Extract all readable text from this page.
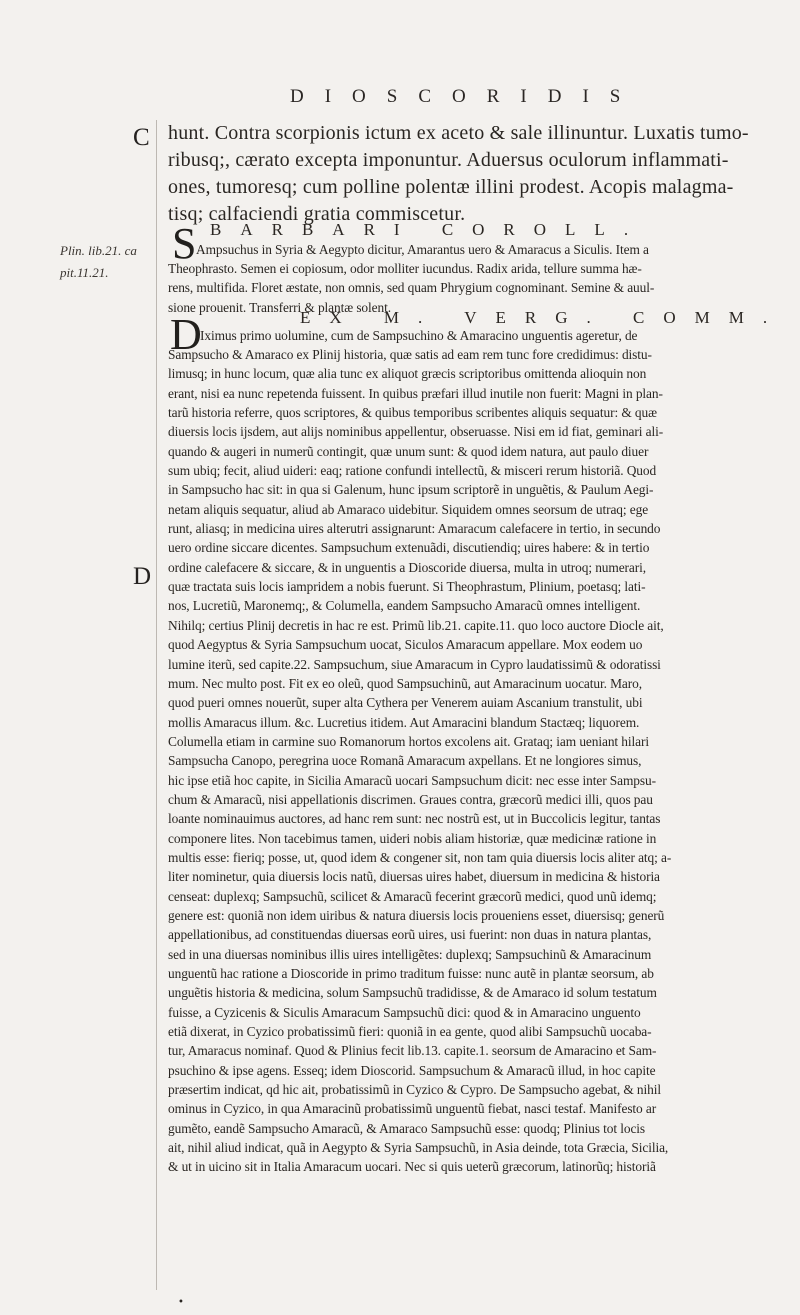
DIOSCORIDIS
C
D
Plin. lib.21. ca
pit.11.21.
hunt. Contra scorpionis ictum ex aceto & sale illinuntur. Luxatis tumo-
ribusq;, cærato excepta imponuntur. Aduersus oculorum inflammati-
ones, tumoresq; cum polline polentæ illini prodest. Acopis malagma-
tisq; calfaciendi gratia commiscetur.
S BARBARI COROLL.
Ampsuchus in Syria & Aegypto dicitur, Amarantus uero & Amaracus a Siculis. Item a
Theophrasto. Semen ei copiosum, odor molliter iucundus. Radix arida, tellure summa hæ-
rens, multifida. Floret æstate, non omnis, sed quam Phrygium cognominant. Semine & auul-
sione prouenit. Transferri & plantæ solent.
D	EX M. VERG. COMM.
Iximus primo uolumine, cum de Sampsuchino & Amaracino unguentis ageretur, de
Sampsucho & Amaraco ex Plinij historia, quæ satis ad eam rem tunc fore credidimus: distu-
limusq; in hunc locum, quæ alia tunc ex aliquot græcis scriptoribus omittenda alioquin non
erant, nisi ea nunc repetenda fuissent. In quibus præfari illud inutile non fuerit: Magni in plan-
tarũ historia referre, quos scriptores, & quibus temporibus scribentes aliquis sequatur: & quæ
diuersis locis ijsdem, aut alijs nominibus appellentur, obseruasse. Nisi em id fiat, geminari ali-
quando & augeri in numerũ contingit, quæ unum sunt: & quod idem natura, aut paulo diuer
sum ubiq; fecit, aliud uideri: eaq; ratione confundi intellectũ, & misceri rerum historiã. Quod
in Sampsucho hac sit: in qua si Galenum, hunc ipsum scriptorẽ in unguẽtis, & Paulum Aegi-
netam aliquis sequatur, aliud ab Amaraco uidebitur. Siquidem omnes seorsum de utraq; ege
runt, aliasq; in medicina uires alterutri assignarunt: Amaracum calefacere in tertio, in secundo
uero ordine siccare dicentes. Sampsuchum extenuãdi, discutiendiq; uires habere: & in tertio
ordine calefacere & siccare, & in unguentis a Dioscoride diuersa, multa in utroq; numerari,
quæ tractata suis locis iampridem a nobis fuerunt. Si Theophrastum, Plinium, poetasq; lati-
nos, Lucretiũ, Maronemq;, & Columella, eandem Sampsucho Amaracũ omnes intelligent.
Nihilq; certius Plinij decretis in hac re est. Primũ lib.21. capite.11. quo loco auctore Diocle ait,
quod Aegyptus & Syria Sampsuchum uocat, Siculos Amaracum appellare. Mox eodem uo
lumine iterũ, sed capite.22. Sampsuchum, siue Amaracum in Cypro laudatissimũ & odoratissi
mum. Nec multo post. Fit ex eo oleũ, quod Sampsuchinũ, aut Amaracinum uocatur. Maro,
quod pueri omnes nouerũt, super alta Cythera per Venerem auiam Ascanium transtulit, ubi
mollis Amaracus illum. &c. Lucretius itidem. Aut Amaracini blandum Stactæq; liquorem.
Columella etiam in carmine suo Romanorum hortos excolens ait. Grataq; iam ueniant hilari
Sampsucha Canopo, peregrina uoce Romanã Amaracum axpellans. Et ne longiores simus,
hic ipse etiã hoc capite, in Sicilia Amaracũ uocari Sampsuchum dicit: nec esse inter Sampsu-
chum & Amaracũ, nisi appellationis discrimen. Graues contra, græcorũ medici illi, quos pau
loante nominauimus auctores, ad hanc rem sunt: nec nostrũ est, ut in Buccolicis legitur, tantas
componere lites. Non tacebimus tamen, uideri nobis aliam historiæ, quæ medicinæ ratione in
multis esse: fieriq; posse, ut, quod idem & congener sit, non tam quia diuersis locis aliter atq; a-
liter nominetur, quia diuersis locis natũ, diuersas uires habet, diuersum in medicina & historia
censeat: duplexq; Sampsuchũ, scilicet & Amaracũ fecerint græcorũ medici, quod unũ idemq;
genere est: quoniã non idem uiribus & natura diuersis locis proueniens esset, diuersisq; generũ
appellationibus, ad constituendas diuersas eorũ uires, usi fuerint: non duas in natura plantas,
sed in una diuersas nominibus illis uires intelligẽtes: duplexq; Sampsuchinũ & Amaracinum
unguentũ hac ratione a Dioscoride in primo traditum fuisse: nunc autẽ in plantæ seorsum, ab
unguẽtis historia & medicina, solum Sampsuchũ tradidisse, & de Amaraco id solum testatum
fuisse, a Cyzicenis & Siculis Amaracum Sampsuchũ dici: quod & in Amaracino unguento
etiã dixerat, in Cyzico probatissimũ fieri: quoniã in ea gente, quod alibi Sampsuchũ uocaba-
tur, Amaracus nominaf. Quod & Plinius fecit lib.13. capite.1. seorsum de Amaracino et Sam-
psuchino & ipse agens. Esseq; idem Dioscorid. Sampsuchum & Amaracũ illud, in hoc capite
præsertim indicat, qd hic ait, probatissimũ in Cyzico & Cypro. De Sampsucho agebat, & nihil
ominus in Cyzico, in qua Amaracinũ probatissimũ unguentũ fiebat, nasci testaf. Manifesto ar
gumẽto, eandẽ Sampsucho Amaracũ, & Amaraco Sampsuchũ esse: quodq; Plinius tot locis
ait, nihil aliud indicat, quã in Aegypto & Syria Sampsuchũ, in Asia deinde, tota Græcia, Sicilia,
& ut in uicino sit in Italia Amaracum uocari. Nec si quis ueterũ græcorum, latinorũq; historiã
•
